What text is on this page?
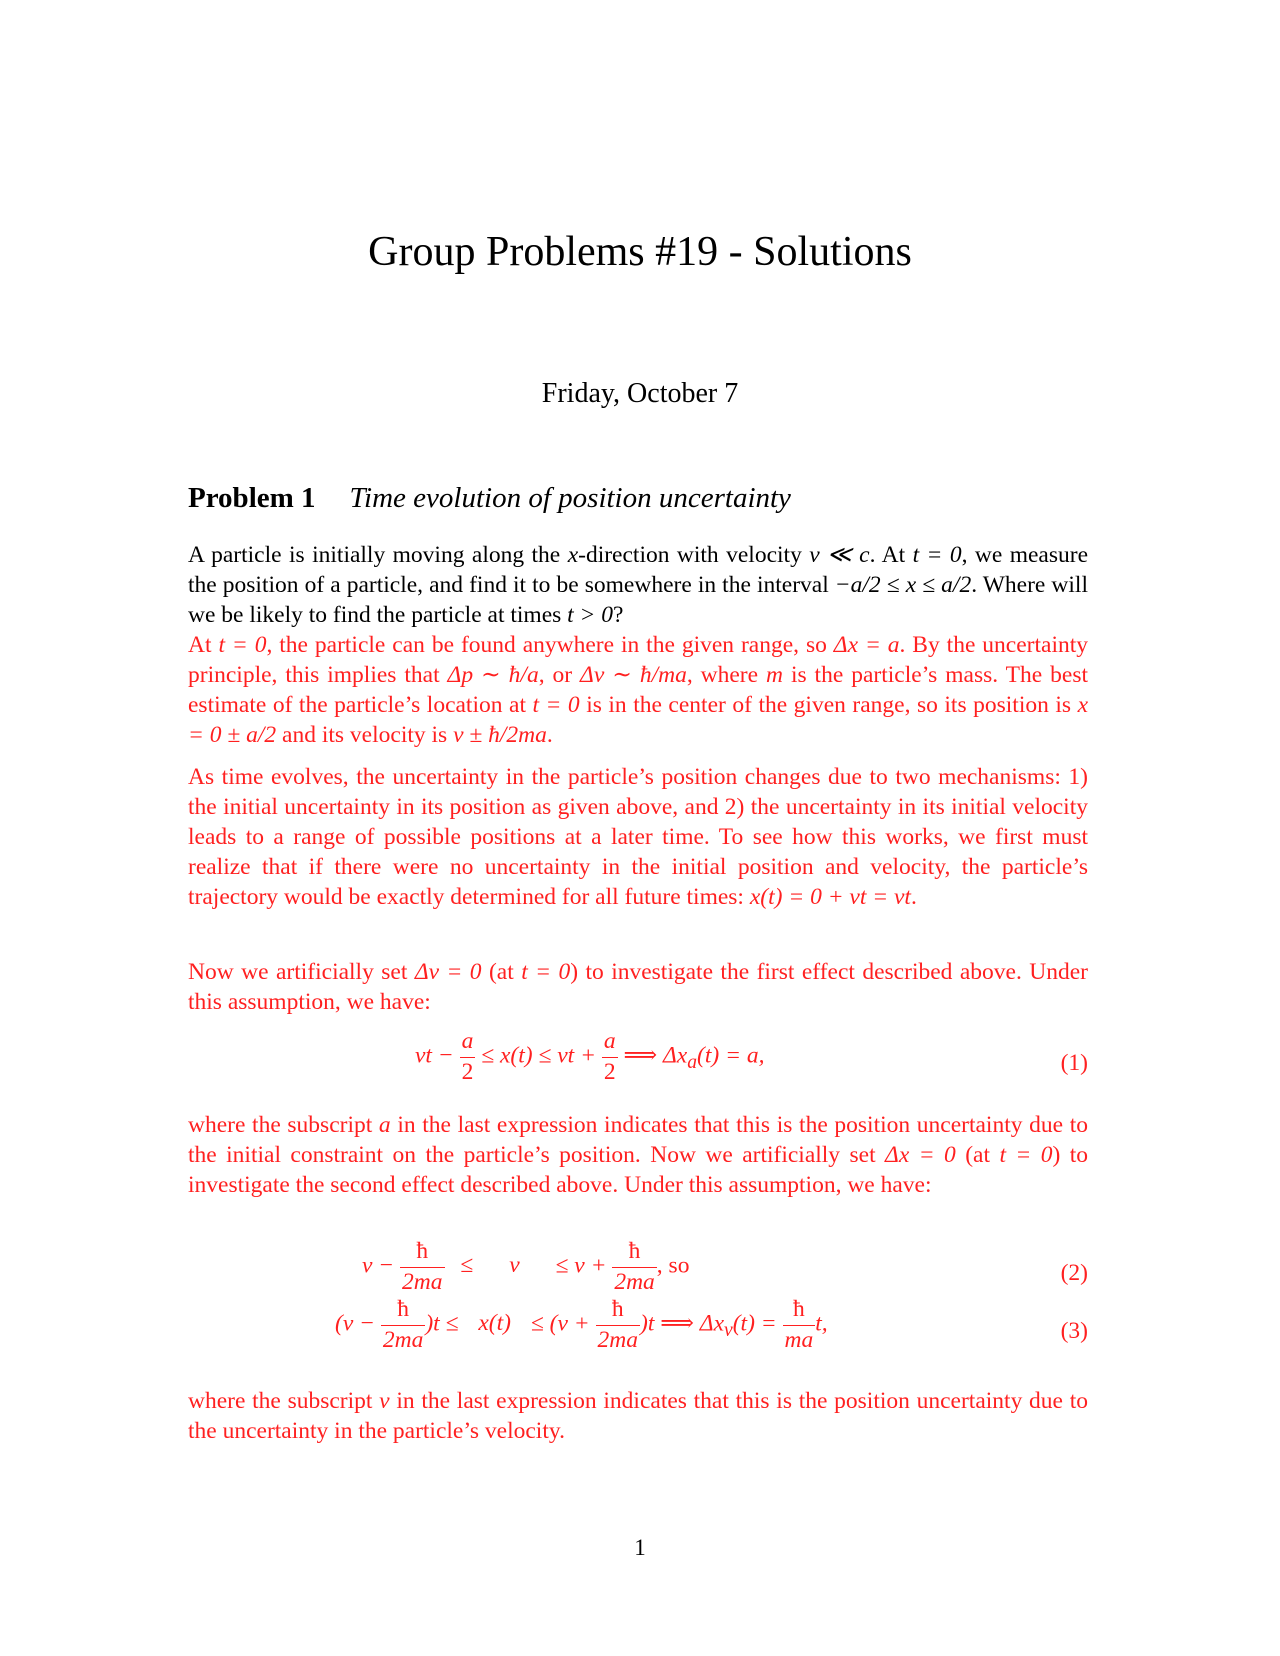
Group Problems #19 - Solutions
Friday, October 7
Problem 1 Time evolution of position uncertainty
A particle is initially moving along the x-direction with velocity v ≪ c. At t = 0, we measure the position of a particle, and find it to be somewhere in the interval −a/2 ≤ x ≤ a/2. Where will we be likely to find the particle at times t > 0?
At t = 0, the particle can be found anywhere in the given range, so Δx = a. By the uncertainty principle, this implies that Δp ∼ ħ/a, or Δv ∼ ħ/ma, where m is the particle’s mass. The best estimate of the particle’s location at t = 0 is in the center of the given range, so its position is x = 0 ± a/2 and its velocity is v ± ħ/2ma.
As time evolves, the uncertainty in the particle’s position changes due to two mechanisms: 1) the initial uncertainty in its position as given above, and 2) the uncertainty in its initial velocity leads to a range of possible positions at a later time. To see how this works, we first must realize that if there were no uncertainty in the initial position and velocity, the particle’s trajectory would be exactly determined for all future times: x(t) = 0 + vt = vt.
Now we artificially set Δv = 0 (at t = 0) to investigate the first effect described above. Under this assumption, we have:
vt − $\frac{a}{2} \le x(t)$ ≤ vt + $\frac{a}{2}$ ⟹ $\Delta x_a(t) = a$,	(1)
where the subscript a in the last expression indicates that this is the position uncertainty due to the initial constraint on the particle’s position. Now we artificially set Δx = 0 (at t = 0) to investigate the second effect described above. Under this assumption, we have:
$v - \frac{ħ}{2ma} \le v \le v + \frac{ħ}{2ma}$ , so	(2)
$(v - \frac{ħ}{2ma} )t \le x(t) \le (v + \frac{ħ}{2ma} )t$ ⟹ $\Delta x_v(t) = \frac{ħ}{ma} t$,	(3)
where the subscript v in the last expression indicates that this is the position uncertainty due to the uncertainty in the particle’s velocity.
1
